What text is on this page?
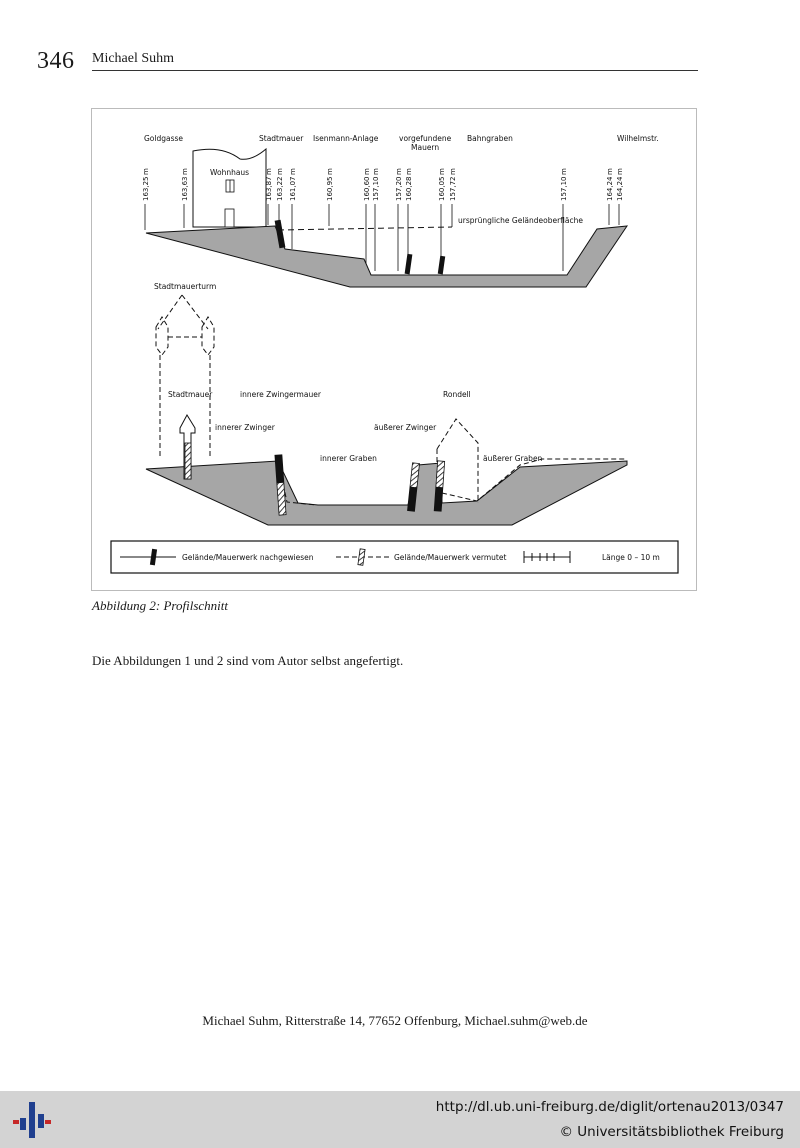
346 Michael Suhm
Goldgasse	Stadtmauer Isenmann-Anlage	vorgefundene
Mauern
Bahngraben	Wilhelmstr.
Wohnhaus
163,25	163,63	163,87 163,22 161,07	160,95	160,60 157,10 157,20 160,28	160,05 157,72	157,10	164,24 164,24
m	m	m m m	m	m m m m	m m	m	m m
ursprüngliche Geländeoberfläche
Stadtmauerturm
Stadtmauer	innere Zwingermauer	Rondell
innerer Zwinger	äußerer Zwinger
innerer Graben	äußerer Graben
Gelände/Mauerwerk nachgewiesen	Gelände/Mauerwerk vermutet	Länge 0 – 10 m
Abbildung 2: Profilschnitt
Die Abbildungen 1 und 2 sind vom Autor selbst angefertigt.
Michael Suhm, Ritterstraße 14, 77652 Offenburg, Michael.suhm@web.de
http://dl.ub.uni-freiburg.de/diglit/ortenau2013/0347
© Universitätsbibliothek Freiburg
